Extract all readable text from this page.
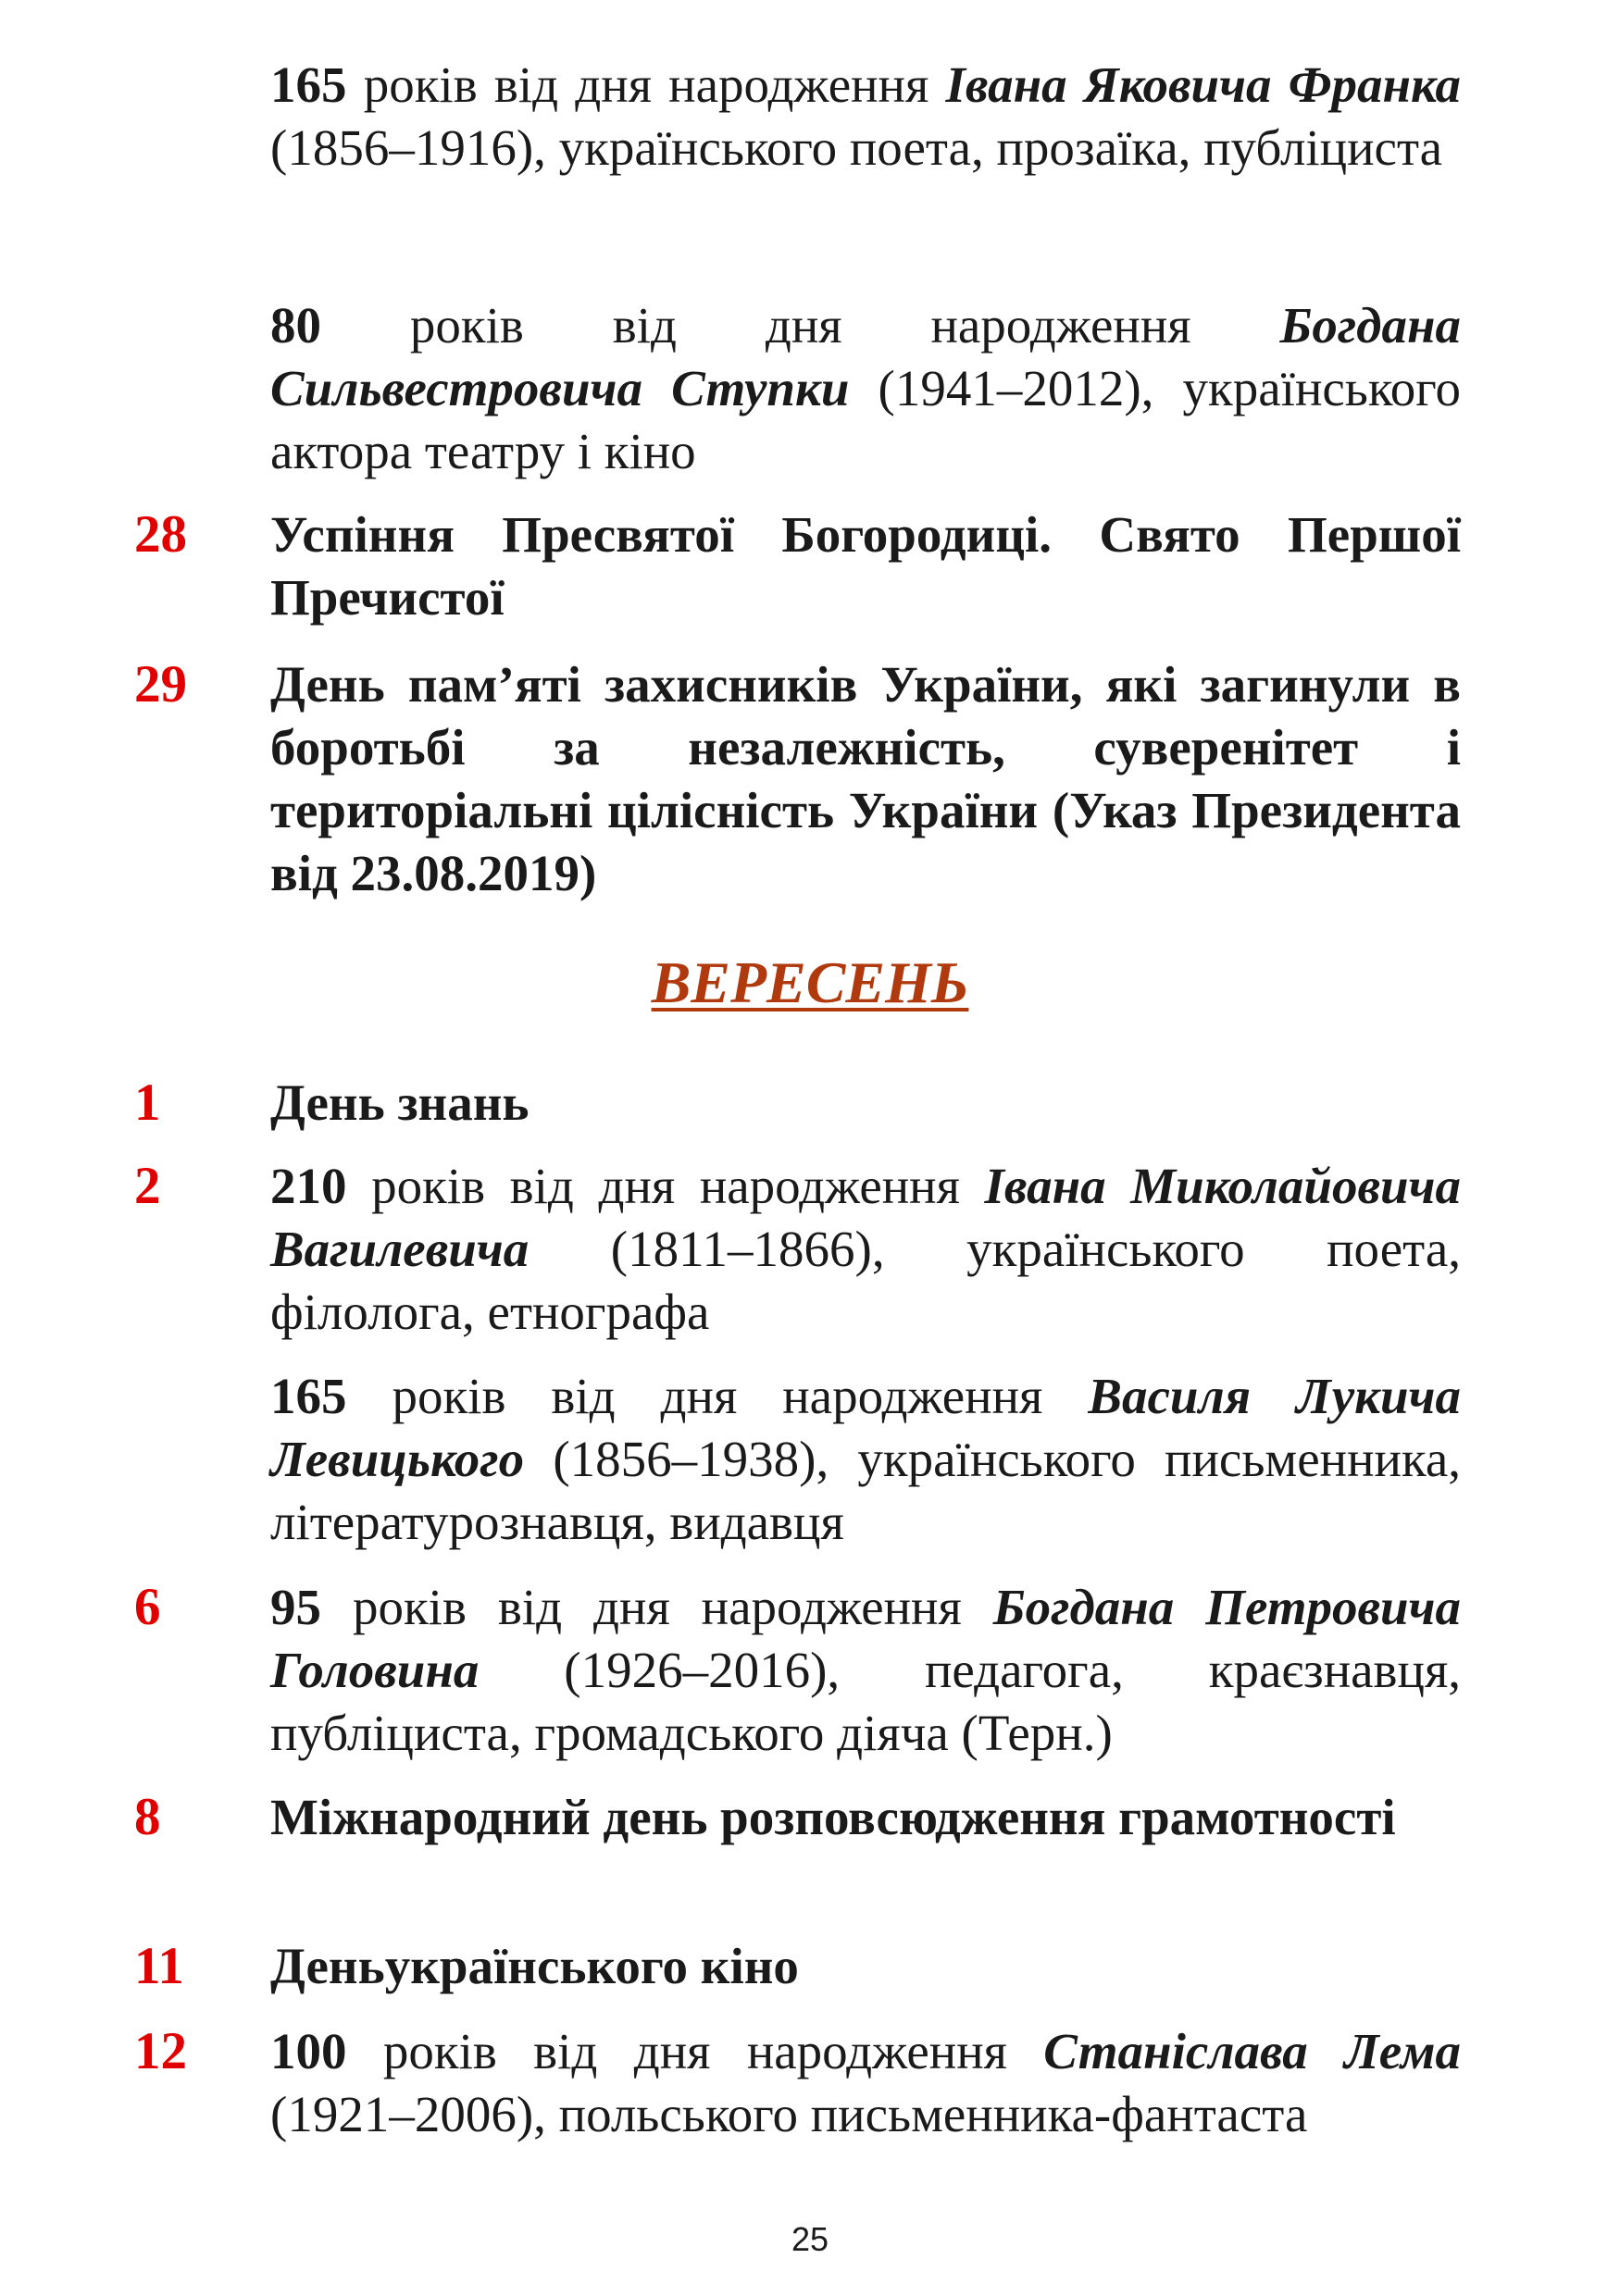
165 років від дня народження Івана Яковича Франка (1856–1916), українського поета, прозаїка, публіциста
80 років від дня народження Богдана Сильвестровича Ступки (1941–2012), українського актора театру і кіно
28 Успіння Пресвятої Богородиці. Свято Першої Пречистої
29 День пам’яті захисників України, які загинули в боротьбі за незалежність, суверенітет і територіальні цілісність України (Указ Президента від 23.08.2019)
ВЕРЕСЕНЬ
1 День знань
2 210 років від дня народження Івана Миколайовича Вагилевича (1811–1866), українського поета, філолога, етнографа
165 років від дня народження Василя Лукича Левицького (1856–1938), українського письменника, літературознавця, видавця
6 95 років від дня народження Богдана Петровича Головина (1926–2016), педагога, краєзнавця, публіциста, громадського діяча (Терн.)
8 Міжнародний день розповсюдження грамотності
11 Деньукраїнського кіно
12 100 років від дня народження Станіслава Лема (1921–2006), польського письменника-фантаста
25
